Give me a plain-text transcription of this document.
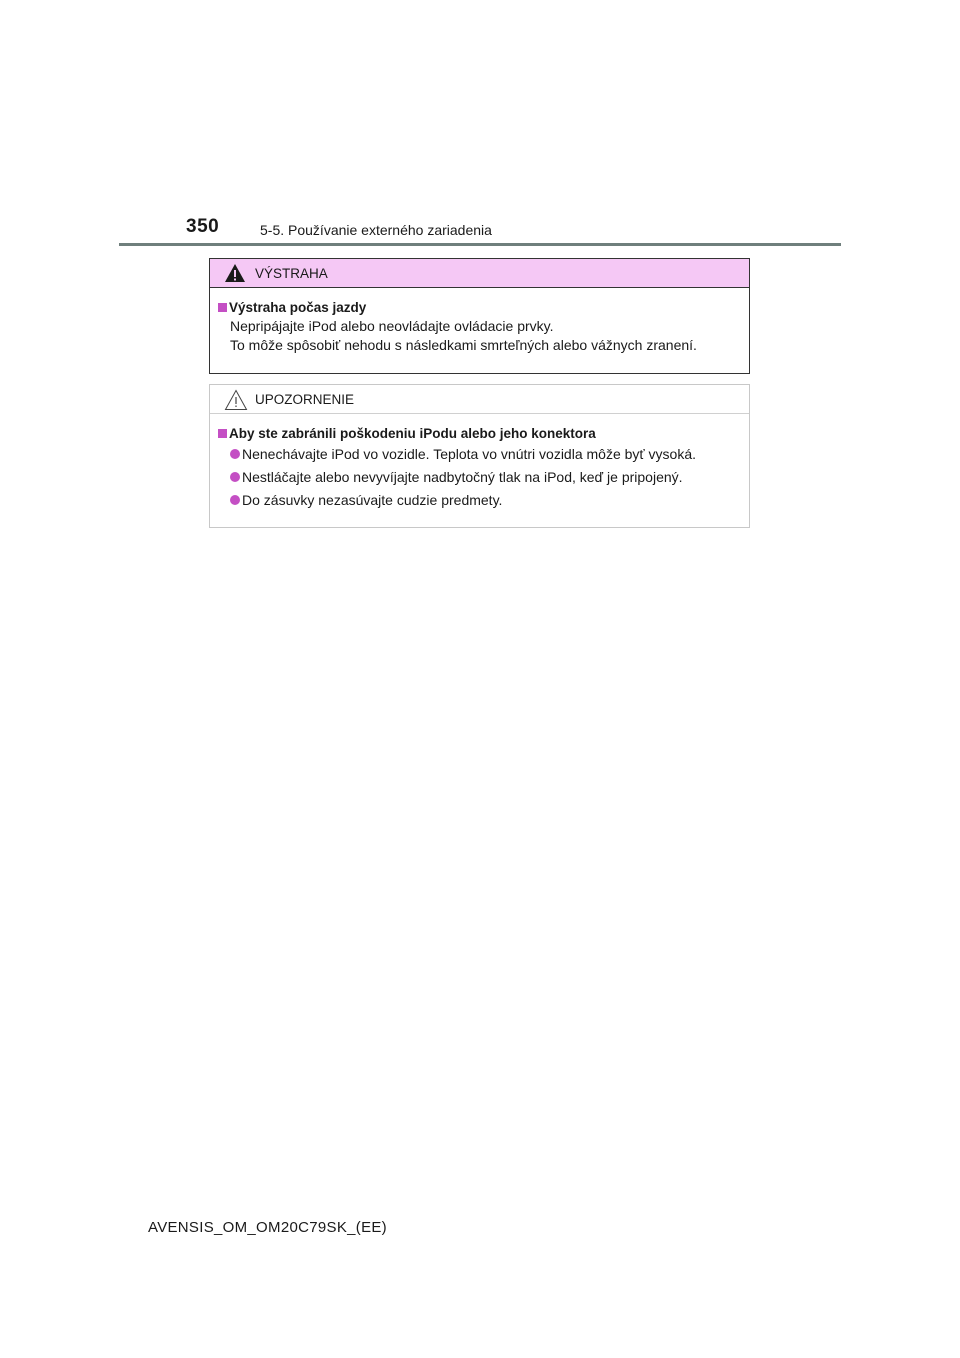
350	5-5. Používanie externého zariadenia
VÝSTRAHA
Výstraha počas jazdy
Nepripájajte iPod alebo neovládajte ovládacie prvky.
To môže spôsobiť nehodu s následkami smrteľných alebo vážnych zranení.
UPOZORNENIE
Aby ste zabránili poškodeniu iPodu alebo jeho konektora
Nenechávajte iPod vo vozidle. Teplota vo vnútri vozidla môže byť vysoká.
Nestláčajte alebo nevyvíjajte nadbytočný tlak na iPod, keď je pripojený.
Do zásuvky nezasúvajte cudzie predmety.
AVENSIS_OM_OM20C79SK_(EE)
